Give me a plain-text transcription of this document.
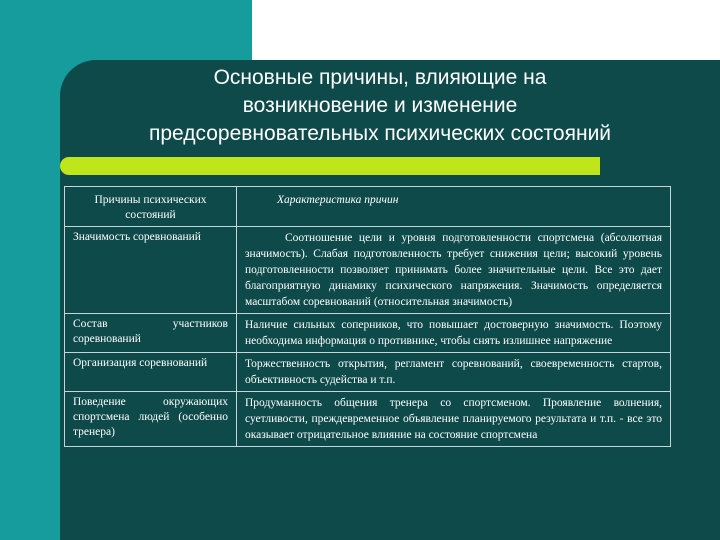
Основные причины, влияющие на
возникновение и изменение
предсоревновательных психических состояний
Причины психических состояний	Характеристика причин
Значимость соревнований	Соотношение цели и уровня подготовленности спортсмена (абсолютная значимость). Слабая подготовленность требует снижения цели; высокий уровень подготовленности позволяет принимать более значительные цели. Все это дает благоприятную динамику психического напряжения. Значимость определяется масштабом соревнований (относительная значимость)
Состав участников соревнований	Наличие сильных соперников, что повышает достоверную значимость. Поэтому необходима информация о противнике, чтобы снять излишнее напряжение
Организация соревнований	Торжественность открытия, регламент соревнований, своевременность стартов, объективность судейства и т.п.
Поведение окружающих спортсмена людей (особенно тренера)	Продуманность общения тренера со спортсменом. Проявление волнения, суетливости, преждевременное объявление планируемого результата и т.п. - все это оказывает отрицательное влияние на состояние спортсмена
